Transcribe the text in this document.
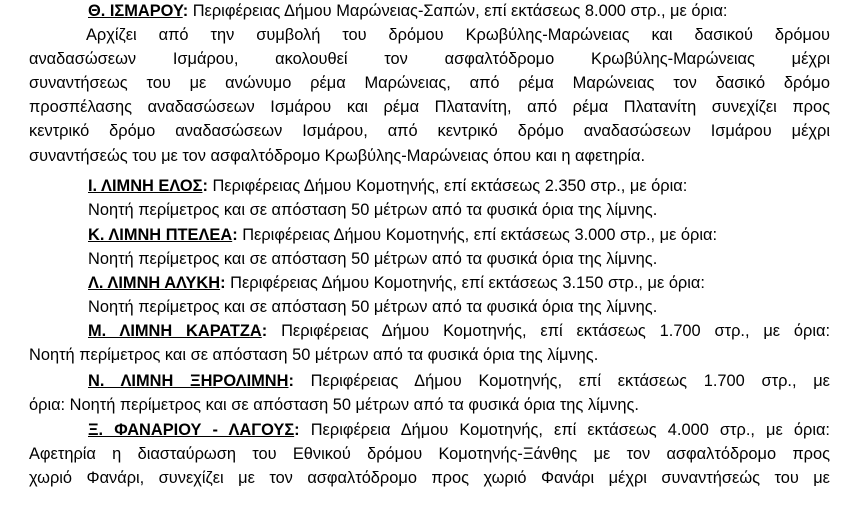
Θ. ΙΣΜΑΡΟΥ: Περιφέρειας Δήμου Μαρώνειας-Σαπών, επί εκτάσεως 8.000 στρ., με όρια:
Αρχίζει από την συμβολή του δρόμου Κρωβύλης-Μαρώνειας και δασικού δρόμου
αναδασώσεων Ισμάρου, ακολουθεί τον ασφαλτόδρομο Κρωβύλης-Μαρώνειας μέχρι
συναντήσεως του με ανώνυμο ρέμα Μαρώνειας, από ρέμα Μαρώνειας τον δασικό δρόμο
προσπέλασης αναδασώσεων Ισμάρου και ρέμα Πλατανίτη, από ρέμα Πλατανίτη συνεχίζει προς
κεντρικό δρόμο αναδασώσεων Ισμάρου, από κεντρικό δρόμο αναδασώσεων Ισμάρου μέχρι
συναντήσεώς του με τον ασφαλτόδρομο Κρωβύλης-Μαρώνειας όπου και η αφετηρία.
Ι. ΛΙΜΝΗ ΕΛΟΣ: Περιφέρειας Δήμου Κομοτηνής, επί εκτάσεως 2.350 στρ., με όρια:
Νοητή περίμετρος και σε απόσταση 50 μέτρων από τα φυσικά όρια της λίμνης.
Κ. ΛΙΜΝΗ ΠΤΕΛΕΑ: Περιφέρειας Δήμου Κομοτηνής, επί εκτάσεως 3.000 στρ., με όρια:
Νοητή περίμετρος και σε απόσταση 50 μέτρων από τα φυσικά όρια της λίμνης.
Λ. ΛΙΜΝΗ ΑΛΥΚΗ: Περιφέρειας Δήμου Κομοτηνής, επί εκτάσεως 3.150 στρ., με όρια:
Νοητή περίμετρος και σε απόσταση 50 μέτρων από τα φυσικά όρια της λίμνης.
Μ. ΛΙΜΝΗ ΚΑΡΑΤΖΑ: Περιφέρειας Δήμου Κομοτηνής, επί εκτάσεως 1.700 στρ., με όρια:
Νοητή περίμετρος και σε απόσταση 50 μέτρων από τα φυσικά όρια της λίμνης.
Ν. ΛΙΜΝΗ ΞΗΡΟΛΙΜΝΗ: Περιφέρειας Δήμου Κομοτηνής, επί εκτάσεως 1.700 στρ., με
όρια: Νοητή περίμετρος και σε απόσταση 50 μέτρων από τα φυσικά όρια της λίμνης.
Ξ. ΦΑΝΑΡΙΟΥ - ΛΑΓΟΥΣ: Περιφέρεια Δήμου Κομοτηνής, επί εκτάσεως 4.000 στρ., με όρια:
Αφετηρία η διασταύρωση του Εθνικού δρόμου Κομοτηνής-Ξάνθης με τον ασφαλτόδρομο προς
χωριό Φανάρι, συνεχίζει με τον ασφαλτόδρομο προς χωριό Φανάρι μέχρι συναντήσεώς του με
